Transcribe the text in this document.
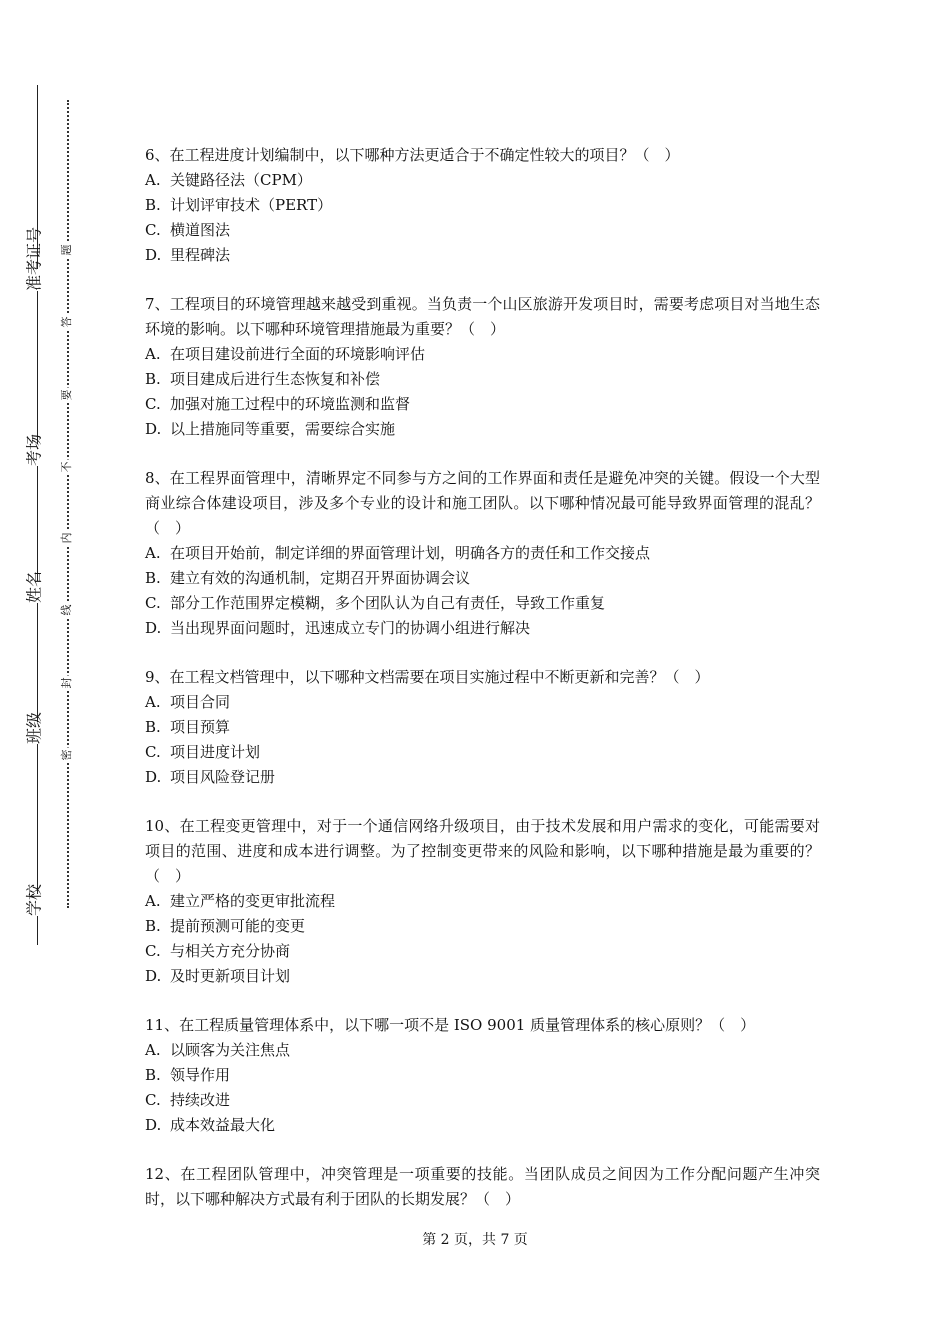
准考证号
考场
姓名
班级
学校
题
答
要
不
内
线
封
密
6、在工程进度计划编制中，以下哪种方法更适合于不确定性较大的项目？（　）
A. 关键路径法（CPM）
B. 计划评审技术（PERT）
C. 横道图法
D. 里程碑法
7、工程项目的环境管理越来越受到重视。当负责一个山区旅游开发项目时，需要考虑项目对当地生态环境的影响。以下哪种环境管理措施最为重要？（　）
A. 在项目建设前进行全面的环境影响评估
B. 项目建成后进行生态恢复和补偿
C. 加强对施工过程中的环境监测和监督
D. 以上措施同等重要，需要综合实施
8、在工程界面管理中，清晰界定不同参与方之间的工作界面和责任是避免冲突的关键。假设一个大型商业综合体建设项目，涉及多个专业的设计和施工团队。以下哪种情况最可能导致界面管理的混乱？（　）
A. 在项目开始前，制定详细的界面管理计划，明确各方的责任和工作交接点
B. 建立有效的沟通机制，定期召开界面协调会议
C. 部分工作范围界定模糊，多个团队认为自己有责任，导致工作重复
D. 当出现界面问题时，迅速成立专门的协调小组进行解决
9、在工程文档管理中，以下哪种文档需要在项目实施过程中不断更新和完善？（　）
A. 项目合同
B. 项目预算
C. 项目进度计划
D. 项目风险登记册
10、在工程变更管理中，对于一个通信网络升级项目，由于技术发展和用户需求的变化，可能需要对项目的范围、进度和成本进行调整。为了控制变更带来的风险和影响，以下哪种措施是最为重要的？（　）
A. 建立严格的变更审批流程
B. 提前预测可能的变更
C. 与相关方充分协商
D. 及时更新项目计划
11、在工程质量管理体系中，以下哪一项不是 ISO 9001 质量管理体系的核心原则？（　）
A. 以顾客为关注焦点
B. 领导作用
C. 持续改进
D. 成本效益最大化
12、在工程团队管理中，冲突管理是一项重要的技能。当团队成员之间因为工作分配问题产生冲突时，以下哪种解决方式最有利于团队的长期发展？（　）
第 2 页，共 7 页
